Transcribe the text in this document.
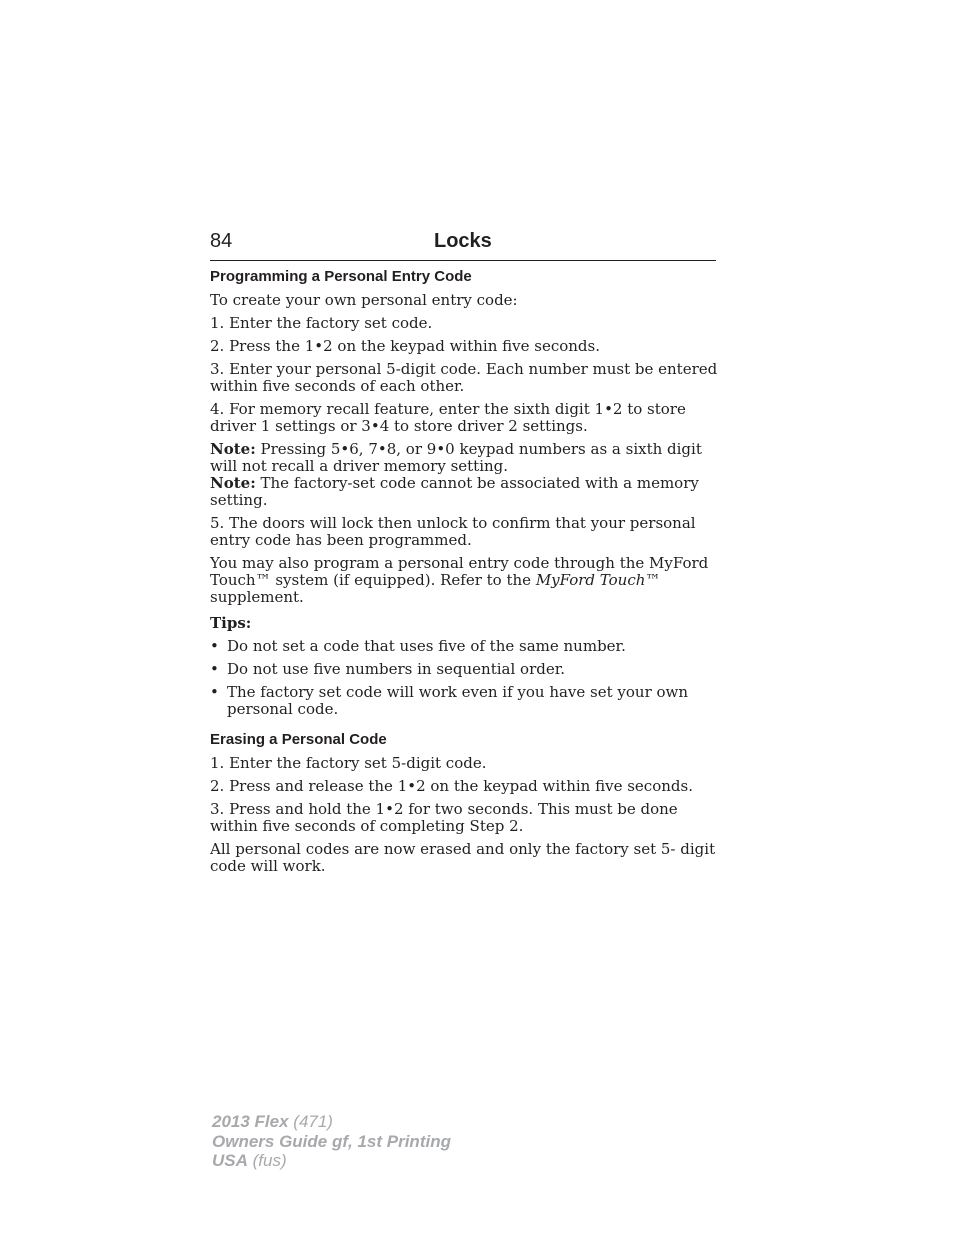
84	Locks
Programming a Personal Entry Code

To create your own personal entry code:

1. Enter the factory set code.

2. Press the 1•2 on the keypad within five seconds.

3. Enter your personal 5-digit code. Each number must be entered within five seconds of each other.

4. For memory recall feature, enter the sixth digit 1•2 to store driver 1 settings or 3•4 to store driver 2 settings.

Note: Pressing 5•6, 7•8, or 9•0 keypad numbers as a sixth digit will not recall a driver memory setting.

Note: The factory-set code cannot be associated with a memory setting.

5. The doors will lock then unlock to confirm that your personal entry code has been programmed.

You may also program a personal entry code through the MyFord Touch™ system (if equipped). Refer to the MyFord Touch™ supplement.

Tips:

• Do not set a code that uses five of the same number.
• Do not use five numbers in sequential order.
• The factory set code will work even if you have set your own personal code.
Erasing a Personal Code

1. Enter the factory set 5-digit code.

2. Press and release the 1•2 on the keypad within five seconds.

3. Press and hold the 1•2 for two seconds. This must be done within five seconds of completing Step 2.

All personal codes are now erased and only the factory set 5- digit code will work.

2013 Flex (471)
Owners Guide gf, 1st Printing
USA (fus)
